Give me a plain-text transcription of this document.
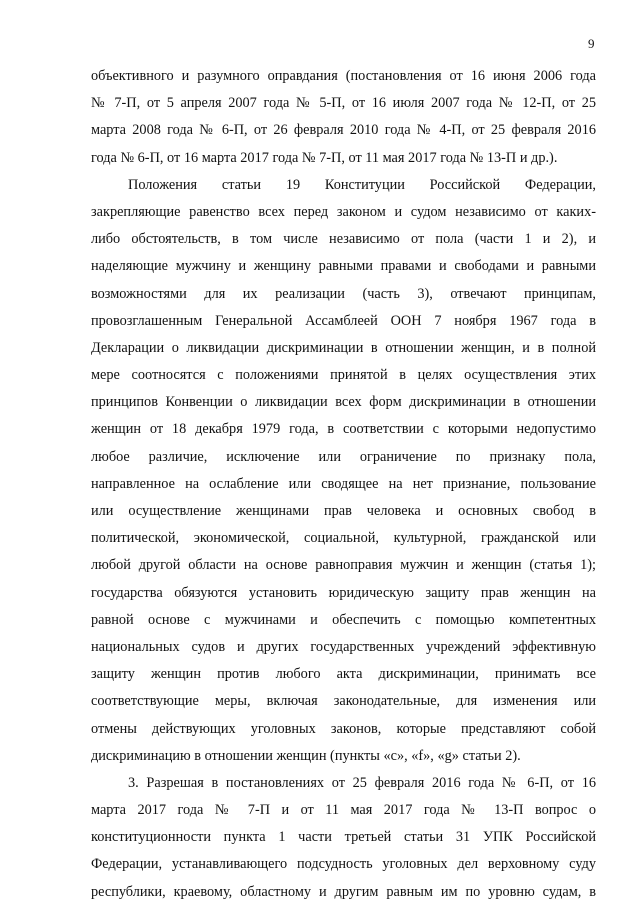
9
объективного и разумного оправдания (постановления от 16 июня 2006 года
№ 7-П, от 5 апреля 2007 года № 5-П, от 16 июля 2007 года № 12-П, от 25
марта 2008 года № 6-П, от 26 февраля 2010 года № 4-П, от 25 февраля 2016
года № 6-П, от 16 марта 2017 года № 7-П, от 11 мая 2017 года № 13-П и др.).
Положения статьи 19 Конституции Российской Федерации,
закрепляющие равенство всех перед законом и судом независимо от каких-
либо обстоятельств, в том числе независимо от пола (части 1 и 2), и
наделяющие мужчину и женщину равными правами и свободами и равными
возможностями для их реализации (часть 3), отвечают принципам,
провозглашенным Генеральной Ассамблеей ООН 7 ноября 1967 года в
Декларации о ликвидации дискриминации в отношении женщин, и в полной
мере соотносятся с положениями принятой в целях осуществления этих
принципов Конвенции о ликвидации всех форм дискриминации в отношении
женщин от 18 декабря 1979 года, в соответствии с которыми недопустимо
любое различие, исключение или ограничение по признаку пола,
направленное на ослабление или сводящее на нет признание, пользование
или осуществление женщинами прав человека и основных свобод в
политической, экономической, социальной, культурной, гражданской или
любой другой области на основе равноправия мужчин и женщин (статья 1);
государства обязуются установить юридическую защиту прав женщин на
равной основе с мужчинами и обеспечить с помощью компетентных
национальных судов и других государственных учреждений эффективную
защиту женщин против любого акта дискриминации, принимать все
соответствующие меры, включая законодательные, для изменения или
отмены действующих уголовных законов, которые представляют собой
дискриминацию в отношении женщин (пункты «c», «f», «g» статьи 2).
3. Разрешая в постановлениях от 25 февраля 2016 года № 6-П, от 16
марта 2017 года № 7-П и от 11 мая 2017 года № 13-П вопрос о
конституционности пункта 1 части третьей статьи 31 УПК Российской
Федерации, устанавливающего подсудность уголовных дел верховному суду
республики, краевому, областному и другим равным им по уровню судам, в
